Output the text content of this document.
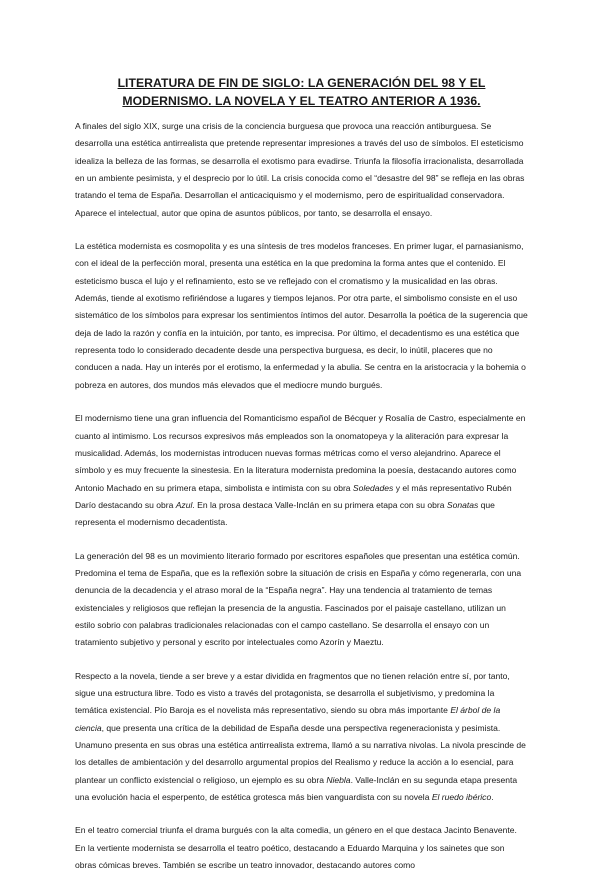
LITERATURA DE FIN DE SIGLO: LA GENERACIÓN DEL 98 Y EL MODERNISMO. LA NOVELA Y EL TEATRO ANTERIOR A 1936.

A finales del siglo XIX, surge una crisis de la conciencia burguesa que provoca una reacción antiburguesa. Se desarrolla una estética antirrealista que pretende representar impresiones a través del uso de símbolos. El esteticismo idealiza la belleza de las formas, se desarrolla el exotismo para evadirse. Triunfa la filosofía irracionalista, desarrollada en un ambiente pesimista, y el desprecio por lo útil. La crisis conocida como el “desastre del 98” se refleja en las obras tratando el tema de España. Desarrollan el anticaciquismo y el modernismo, pero de espiritualidad conservadora. Aparece el intelectual, autor que opina de asuntos públicos, por tanto, se desarrolla el ensayo.

La estética modernista es cosmopolita y es una síntesis de tres modelos franceses. En primer lugar, el parnasianismo, con el ideal de la perfección moral, presenta una estética en la que predomina la forma antes que el contenido. El esteticismo busca el lujo y el refinamiento, esto se ve reflejado con el cromatismo y la musicalidad en las obras. Además, tiende al exotismo refiriéndose a lugares y tiempos lejanos. Por otra parte, el simbolismo consiste en el uso sistemático de los símbolos para expresar los sentimientos íntimos del autor. Desarrolla la poética de la sugerencia que deja de lado la razón y confía en la intuición, por tanto, es imprecisa. Por último, el decadentismo es una estética que representa todo lo considerado decadente desde una perspectiva burguesa, es decir, lo inútil, placeres que no conducen a nada. Hay un interés por el erotismo, la enfermedad y la abulia. Se centra en la aristocracia y la bohemia o pobreza en autores, dos mundos más elevados que el mediocre mundo burgués.

El modernismo tiene una gran influencia del Romanticismo español de Bécquer y Rosalía de Castro, especialmente en cuanto al intimismo. Los recursos expresivos más empleados son la onomatopeya y la aliteración para expresar la musicalidad. Además, los modernistas introducen nuevas formas métricas como el verso alejandrino. Aparece el símbolo y es muy frecuente la sinestesia. En la literatura modernista predomina la poesía, destacando autores como Antonio Machado en su primera etapa, simbolista e intimista con su obra Soledades y el más representativo Rubén Darío destacando su obra Azul. En la prosa destaca Valle-Inclán en su primera etapa con su obra Sonatas que representa el modernismo decadentista.

La generación del 98 es un movimiento literario formado por escritores españoles que presentan una estética común. Predomina el tema de España, que es la reflexión sobre la situación de crisis en España y cómo regenerarla, con una denuncia de la decadencia y el atraso moral de la “España negra”. Hay una tendencia al tratamiento de temas existenciales y religiosos que reflejan la presencia de la angustia. Fascinados por el paisaje castellano, utilizan un estilo sobrio con palabras tradicionales relacionadas con el campo castellano. Se desarrolla el ensayo con un tratamiento subjetivo y personal y escrito por intelectuales como Azorín y Maeztu.

Respecto a la novela, tiende a ser breve y a estar dividida en fragmentos que no tienen relación entre sí, por tanto, sigue una estructura libre. Todo es visto a través del protagonista, se desarrolla el subjetivismo, y predomina la temática existencial. Pío Baroja es el novelista más representativo, siendo su obra más importante El árbol de la ciencia, que presenta una crítica de la debilidad de España desde una perspectiva regeneracionista y pesimista. Unamuno presenta en sus obras una estética antirrealista extrema, llamó a su narrativa nivolas. La nivola prescinde de los detalles de ambientación y del desarrollo argumental propios del Realismo y reduce la acción a lo esencial, para plantear un conflicto existencial o religioso, un ejemplo es su obra Niebla. Valle-Inclán en su segunda etapa presenta una evolución hacia el esperpento, de estética grotesca más bien vanguardista con su novela El ruedo ibérico.

En el teatro comercial triunfa el drama burgués con la alta comedia, un género en el que destaca Jacinto Benavente. En la vertiente modernista se desarrolla el teatro poético, destacando a Eduardo Marquina y los sainetes que son obras cómicas breves. También se escribe un teatro innovador, destacando autores como
